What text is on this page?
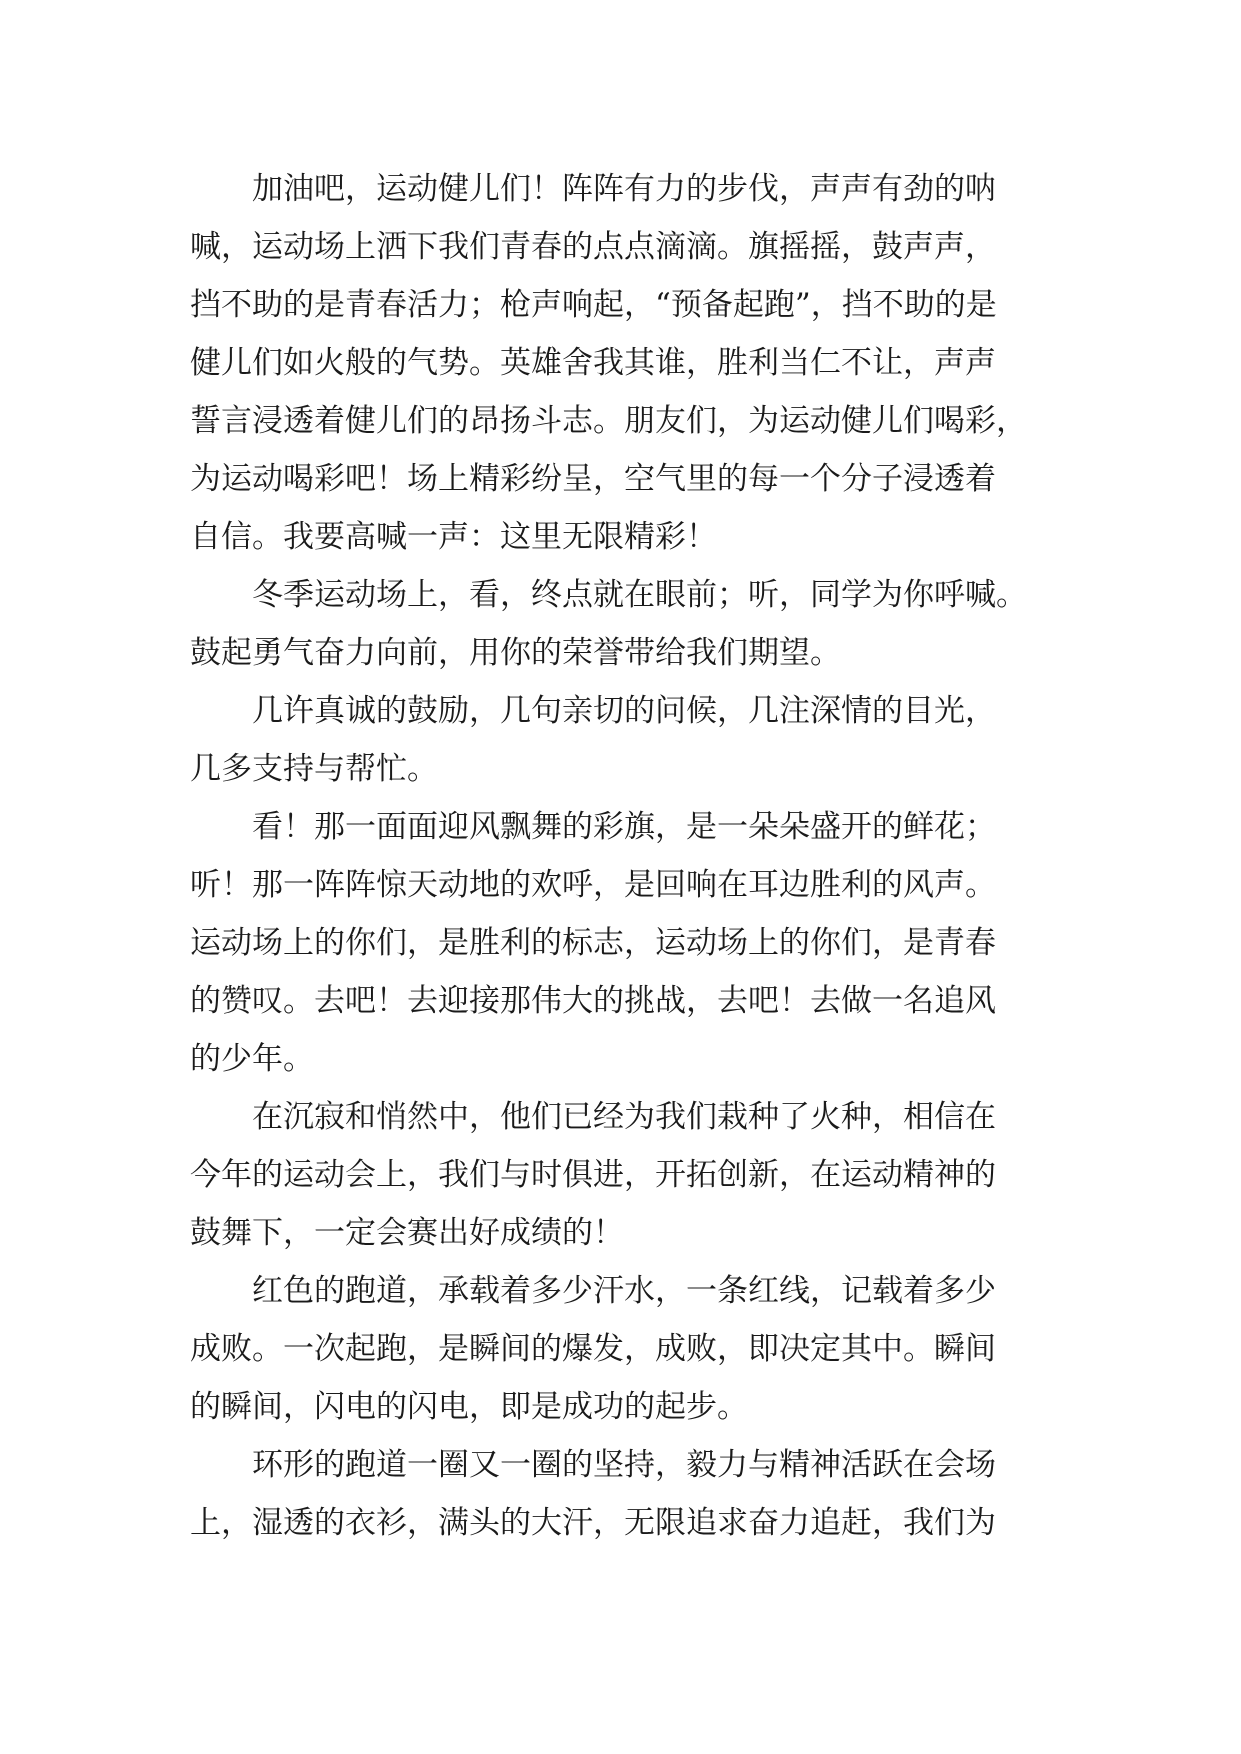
加油吧，运动健儿们！阵阵有力的步伐，声声有劲的呐
喊，运动场上洒下我们青春的点点滴滴。旗摇摇，鼓声声，
挡不助的是青春活力；枪声响起，“预备起跑”，挡不助的是
健儿们如火般的气势。英雄舍我其谁，胜利当仁不让，声声
誓言浸透着健儿们的昂扬斗志。朋友们，为运动健儿们喝彩，
为运动喝彩吧！场上精彩纷呈，空气里的每一个分子浸透着
自信。我要高喊一声：这里无限精彩！

冬季运动场上，看，终点就在眼前；听，同学为你呼喊。
鼓起勇气奋力向前，用你的荣誉带给我们期望。

几许真诚的鼓励，几句亲切的问候，几注深情的目光，
几多支持与帮忙。

看！那一面面迎风飘舞的彩旗，是一朵朵盛开的鲜花；
听！那一阵阵惊天动地的欢呼，是回响在耳边胜利的风声。
运动场上的你们，是胜利的标志，运动场上的你们，是青春
的赞叹。去吧！去迎接那伟大的挑战，去吧！去做一名追风
的少年。

在沉寂和悄然中，他们已经为我们栽种了火种，相信在
今年的运动会上，我们与时俱进，开拓创新，在运动精神的
鼓舞下，一定会赛出好成绩的！

红色的跑道，承载着多少汗水，一条红线，记载着多少
成败。一次起跑，是瞬间的爆发，成败，即决定其中。瞬间
的瞬间，闪电的闪电，即是成功的起步。

环形的跑道一圈又一圈的坚持，毅力与精神活跃在会场
上，湿透的衣衫，满头的大汗，无限追求奋力追赶，我们为
